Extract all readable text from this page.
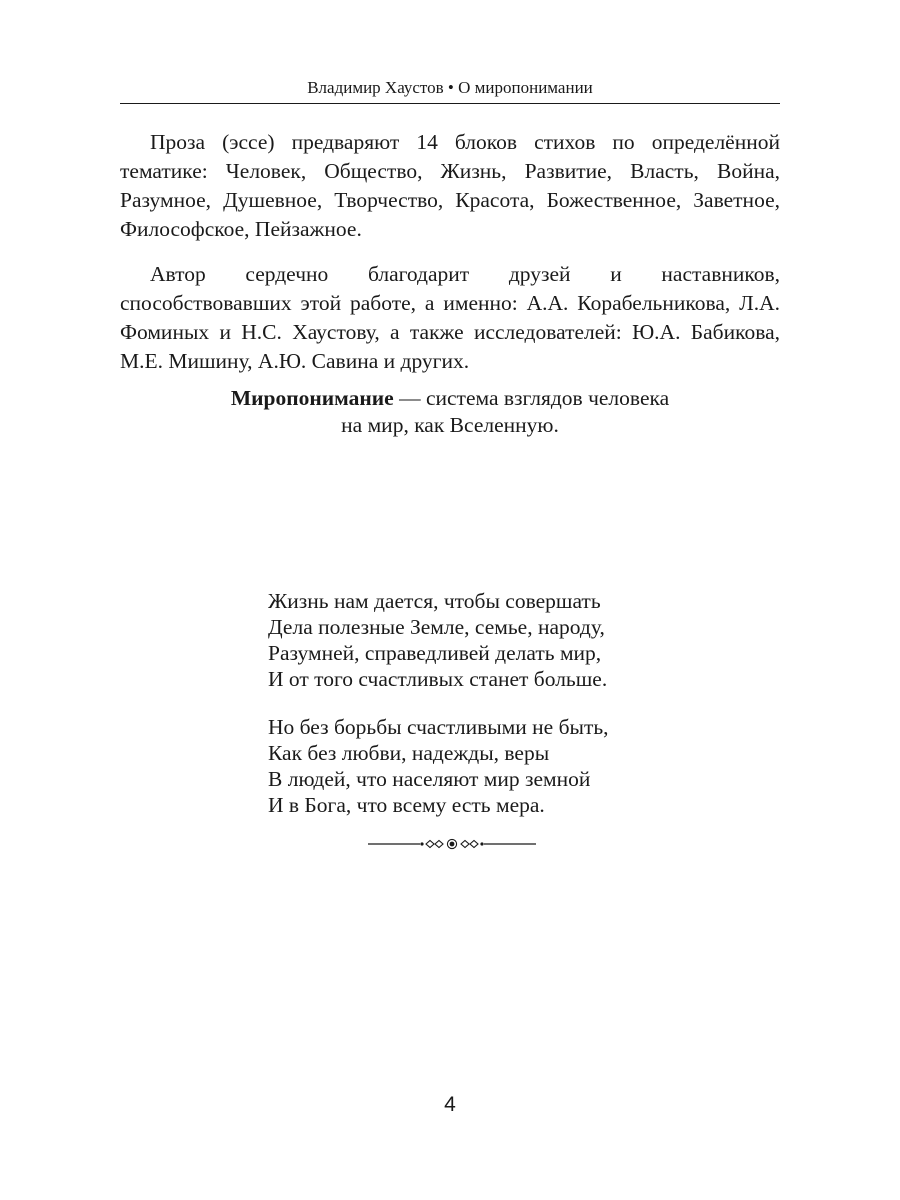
Владимир Хаустов • О миропонимании

Проза (эссе) предваряют 14 блоков стихов по определённой тематике: Человек, Общество, Жизнь, Развитие, Власть, Война, Разумное, Душевное, Творчество, Красота, Божественное, Заветное, Философское, Пейзажное.

Автор сердечно благодарит друзей и наставников, способствовавших этой работе, а именно: А.А. Корабельникова, Л.А. Фоминых и Н.С. Хаустову, а также исследователей: Ю.А. Бабикова, М.Е. Мишину, А.Ю. Савина и других.

Миропонимание — система взглядов человека
на мир, как Вселенную.

Жизнь нам дается, чтобы совершать
Дела полезные Земле, семье, народу,
Разумней, справедливей делать мир,
И от того счастливых станет больше.
Но без борьбы счастливыми не быть,
Как без любви, надежды, веры
В людей, что населяют мир земной
И в Бога, что всему есть мера.
4
